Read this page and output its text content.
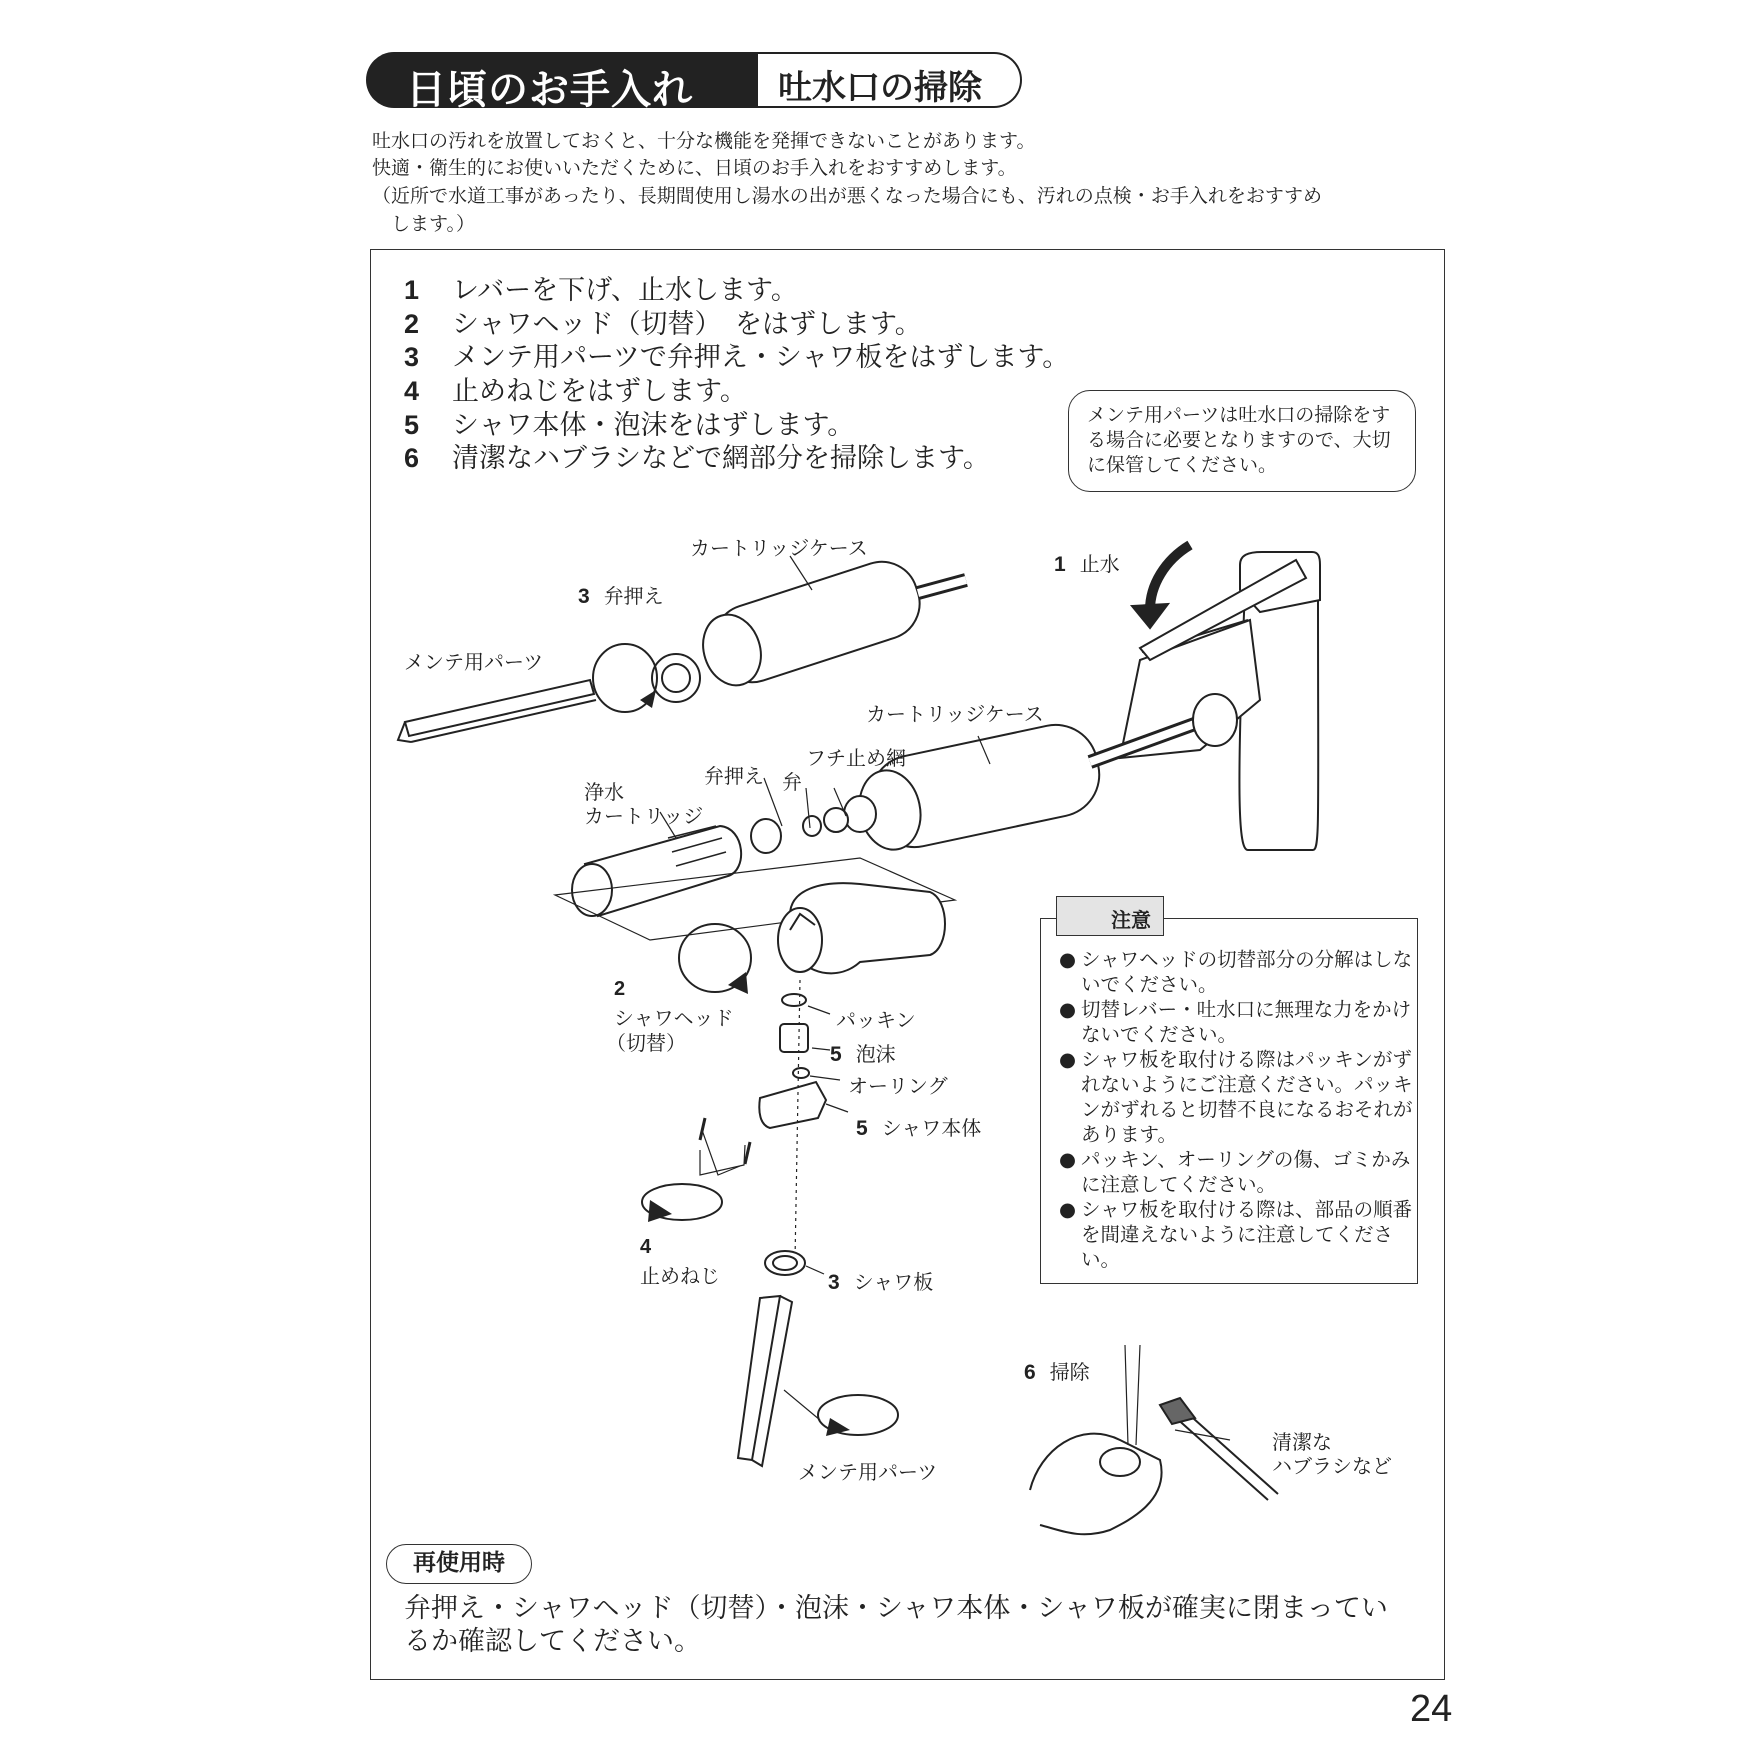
日頃のお手入れ	吐水口の掃除
吐水口の汚れを放置しておくと、十分な機能を発揮できないことがあります。
快適・衛生的にお使いいただくために、日頃のお手入れをおすすめします。
（近所で水道工事があったり、長期間使用し湯水の出が悪くなった場合にも、汚れの点検・お手入れをおすすめ
　します。）
1 レバーを下げ、止水します。
2 シャワヘッド（切替）　をはずします。
3 メンテ用パーツで弁押え・シャワ板をはずします。
4 止めねじをはずします。
5 シャワ本体・泡沫をはずします。
6 清潔なハブラシなどで網部分を掃除します。
メンテ用パーツは吐水口の掃除をする場合に必要となりますので、大切に保管してください。
カートリッジケース
3 弁押え
メンテ用パーツ
1 止水
カートリッジケース
フチ止め網
弁押え 弁
浄水
カートリッジ
2
シャワヘッド
（切替）
パッキン
5 泡沫
オーリング
5 シャワ本体
4
止めねじ	3 シャワ板
メンテ用パーツ
6 掃除
清潔な
ハブラシなど
● シャワヘッドの切替部分の分解はしないでください。
● 切替レバー・吐水口に無理な力をかけないでください。
● シャワ板を取付ける際はパッキンがずれないようにご注意ください。パッキンがずれると切替不良になるおそれがあります。
● パッキン、オーリングの傷、ゴミかみに注意してください。
● シャワ板を取付ける際は、部品の順番を間違えないように注意してください。
注意
再使用時
弁押え・シャワヘッド（切替）・泡沫・シャワ本体・シャワ板が確実に閉まっているか確認してください。
24
